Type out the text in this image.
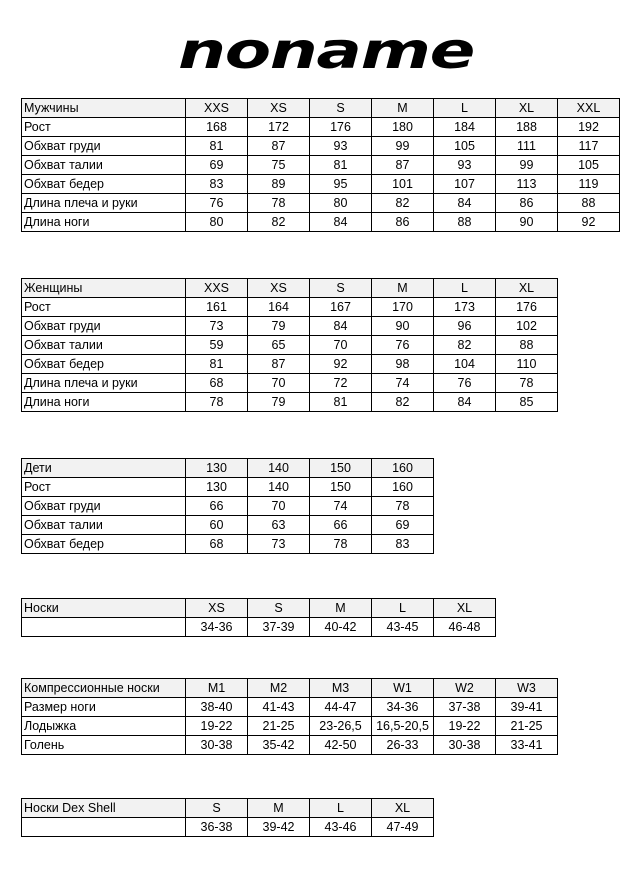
noname
Мужчины	XXS	XS	S	M	L	XL	XXL
Рост	168	172	176	180	184	188	192
Обхват груди	81	87	93	99	105	111	117
Обхват талии	69	75	81	87	93	99	105
Обхват бедер	83	89	95	101	107	113	119
Длина плеча и руки	76	78	80	82	84	86	88
Длина ноги	80	82	84	86	88	90	92
Женщины	XXS	XS	S	M	L	XL
Рост	161	164	167	170	173	176
Обхват груди	73	79	84	90	96	102
Обхват талии	59	65	70	76	82	88
Обхват бедер	81	87	92	98	104	110
Длина плеча и руки	68	70	72	74	76	78
Длина ноги	78	79	81	82	84	85
Дети	130	140	150	160
Рост	130	140	150	160
Обхват груди	66	70	74	78
Обхват талии	60	63	66	69
Обхват бедер	68	73	78	83
Носки	XS	S	M	L	XL
	34-36	37-39	40-42	43-45	46-48
Компрессионные носки	M1	M2	M3	W1	W2	W3
Размер ноги	38-40	41-43	44-47	34-36	37-38	39-41
Лодыжка	19-22	21-25	23-26,5	16,5-20,5	19-22	21-25
Голень	30-38	35-42	42-50	26-33	30-38	33-41
Носки Dex Shell	S	M	L	XL
	36-38	39-42	43-46	47-49
